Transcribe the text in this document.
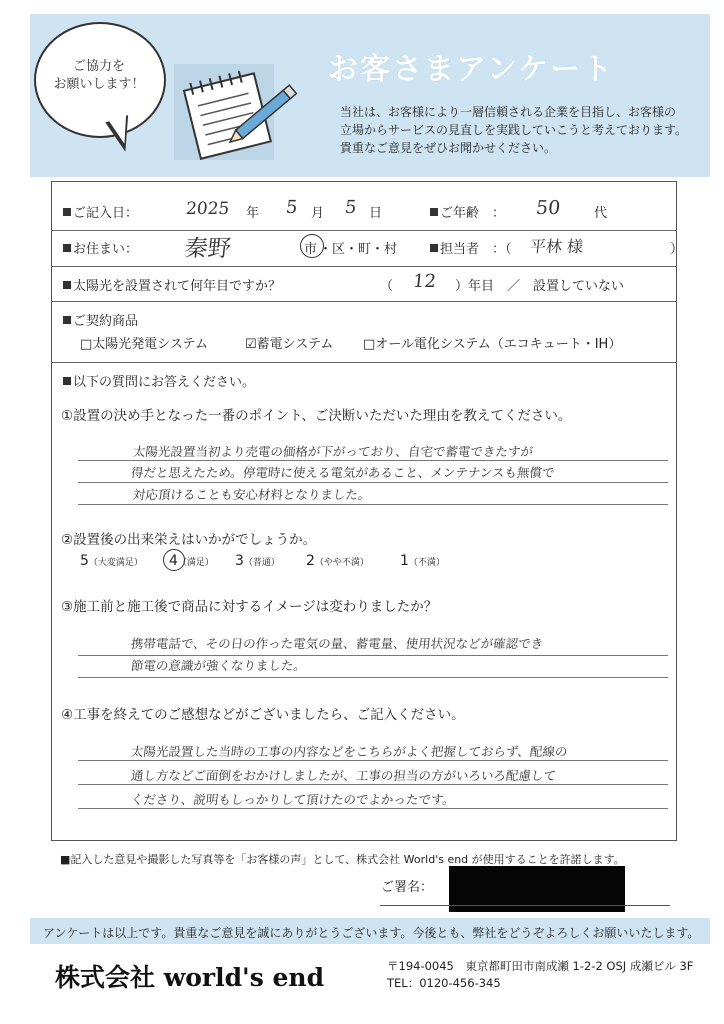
ご協力を
お願いします！	お客さまアンケート
当社は、お客様により一層信頼される企業を目指し、お客様の
立場からサービスの見直しを実践していこうと考えております。
貴重なご意見をぜひお聞かせください。
ご記入日：	2025 年 5 月 5 日	ご年齢　： 50	代
お住まい： 秦野	市 ・区・町・村	担当者　：（ 平林 様	）
太陽光を設置されて何年目ですか？	（ 12 ）年目　／　設置していない
ご契約商品
□太陽光発電システム	☑蓄電システム □オール電化システム（エコキュート・IH）
以下の質問にお答えください。
①設置の決め手となった一番のポイント、ご決断いただいた理由を教えてください。
太陽光設置当初より売電の価格が下がっており、自宅で蓄電できたすが
得だと思えたため。停電時に使える電気があること、メンテナンスも無償で
対応頂けることも安心材料となりました。
②設置後の出来栄えはいかがでしょうか。
5（大変満足） 4（満足） 3（普通） 2（やや不満） 1（不満）
③施工前と施工後で商品に対するイメージは変わりましたか？
携帯電話で、その日の作った電気の量、蓄電量、使用状況などが確認でき
節電の意識が強くなりました。
④工事を終えてのご感想などがございましたら、ご記入ください。
太陽光設置した当時の工事の内容などをこちらがよく把握しておらず、配線の
通し方などご面倒をおかけしましたが、工事の担当の方がいろいろ配慮して
くださり、説明もしっかりして頂けたのでよかったです。
■記入した意見や撮影した写真等を「お客様の声」として、株式会社 World's end が使用することを許諾します。
ご署名：
アンケートは以上です。貴重なご意見を誠にありがとうございます。今後とも、弊社をどうぞよろしくお願いいたします。
株式会社 world's end	〒194-0045　東京都町田市南成瀬 1-2-2 OSJ 成瀬ビル 3F
TEL：0120-456-345
